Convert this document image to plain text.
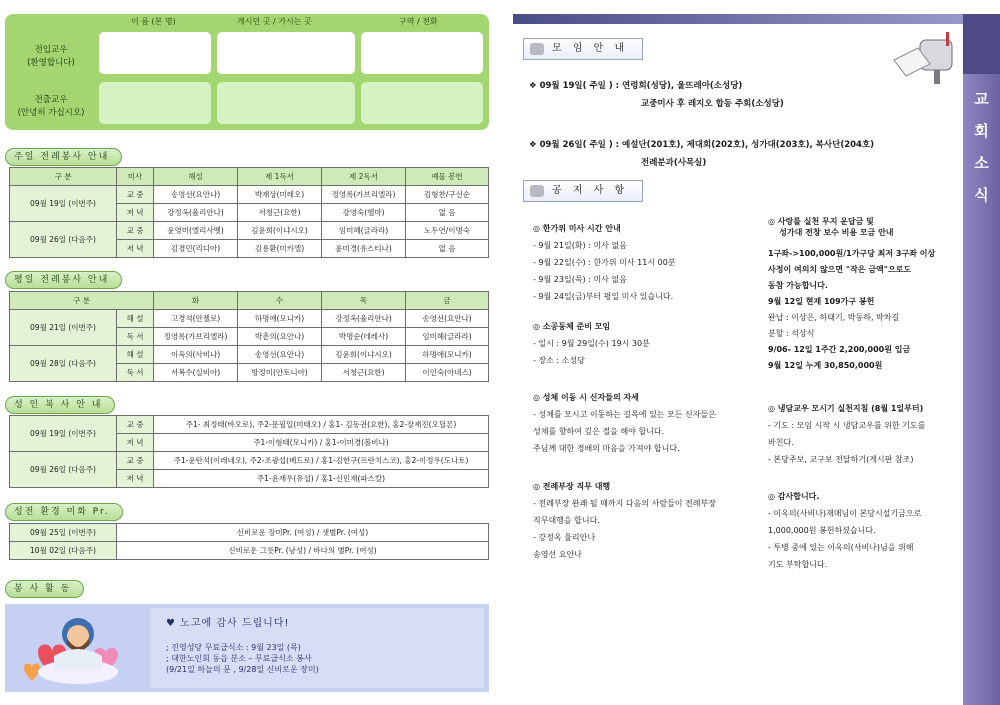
이 름 (본 명)	계시던 곳 / 가시는 곳	구역 / 전화
전입교우
(환영합니다)
전출교우
(안녕히 가십시오)
주일 전례봉사 안내
구 분	미사	해설	제 1독서	제 2독서	예물 봉헌
09월 19일 (이번주)	교 중	송영선(요안나)	박재상(미레오)	정영록(가브리엘라)	김형찬/구선순
	저 녁	강정옥(율리안나)	서청근(요한)	강영숙(헬마)	없 음
09월 26일 (다음주)	교 중	윤영미(엘리사벳)	김윤희(이냐시오)	임미혜(글라라)	노두연/이명숙
	저 녁	김경민(리디아)	김용환(미카엘)	윤미경(유스티나)	없 음
평일 전례봉사 안내
구 분		화	수	목	금
09월 21일 (이번주)	해 설	고경석(안젤로)	하명애(모니카)	강정옥(율리안나)	송영선(요안나)
	독 서	정영록(가브리엘라)	박춘의(요안나)	박명순(데레사)	임미혜(글라라)
09월 28일 (다음주)	해 설	이옥의(사비나)	송영선(요안나)	김윤희(이냐시오)	하명애(모니카)
	독 서	서복수(실비아)	방정미(안토니아)	서청근(요한)	이인숙(아네스)
성 인 복 사 안 내
09월 19일 (이번주)	교 중	주1- 최정태(바오로), 주2-문필일(미태오) / 홍1- 김동권(요한), 홍2-장재진(오딜론)
	저 녁	주1-이형태(모니카) / 홍1-이미경(볼비나)
09월 26일 (다음주)	교 중	주1-윤탄석(이레네오), 주2-조광섭(베드로) / 홍1-김한구(프란치스코), 홍2-이정우(도나토)
	저 녁	주1-윤재우(유섭) / 홍1-신민재(파스칼)
성전 환경 미화 Pr.
09월 25일 (이번주)	신비로운 장미Pr. (여성) / 샛별Pr. (여성)
10월 02일 (다음주)	신비로운 그릇Pr. (남성) / 바다의 별Pr. (여성)
봉 사 활 동
♥ 노고에 감사 드립니다!
; 진영성당 무료급식소 : 9월 23일 (목)
; 대한노인회 동읍 분소 – 무료급식소 봉사
(9/21일 하늘의 문 , 9/28일 신비로운 장미)
교
회
소
식
모 임 안 내
❖ 09월 19일( 주일 ) : 연령회(성당), 울뜨레아(소성당)
교중미사 후 레지오 합동 주회(소성당)
❖ 09월 26일( 주일 ) : 예설단(201호), 제대회(202호), 성가대(203호), 복사단(204호)
전례분과(사목실)
공 지 사 항
◎ 한가위 미사 시간 안내
- 9월 21일(화) : 미사 없음
- 9월 22일(수) : 한가위 미사 11시 00분
- 9월 23일(목) : 미사 없음
- 9월 24일(금)부터 평일 미사 있습니다.
◎ 소공동체 준비 모임
- 일시 : 9월 29일(수) 19시 30분
- 장소 : 소성당
◎ 성체 이동 시 신자들의 자세
- 성체를 모시고 이동하는 길목에 있는 모든 신자들은
성체를 향하여 깊은 절을 해야 합니다.
주님께 대한 경배의 마음을 가져야 합니다.
◎ 전례부장 직무 대행
- 전례부장 완쾌 될 때까지 다음의 사람들이 전례부장
직무대행을 합니다.
- 강정옥 율리안나
송영선 요안나
◎ 사랑를 실천 무지 운답금 및
성가대 전창 보수 비용 모금 안내
1구좌->100,000원/1가구당 최저 3구좌 이상
사정이 여의치 않으면 "작은 금액"으로도
동참 가능합니다.
9월 12일 현재 109가구 봉헌
완납 : 이상은, 하태기, 박동하, 박차길
분할 : 석상식
9/06- 12일 1주간 2,200,000원 입금
9월 12일 누계 30,850,000원
◎ 냉담교우 모시기 실천지침 (8월 1일부터)
- 기도 : 모임 시작 시 냉담교우를 위한 기도를
바친다.
- 본당주보, 교구보 전달하기(게시판 참조)
◎ 감사합니다.
- 이옥의(사비나)재매님이 본당시설기금으로
1,000,000원 봉헌하셨습니다.
- 투병 중에 있는 이옥의(사비나)님을 위해
기도 부탁합니다.
